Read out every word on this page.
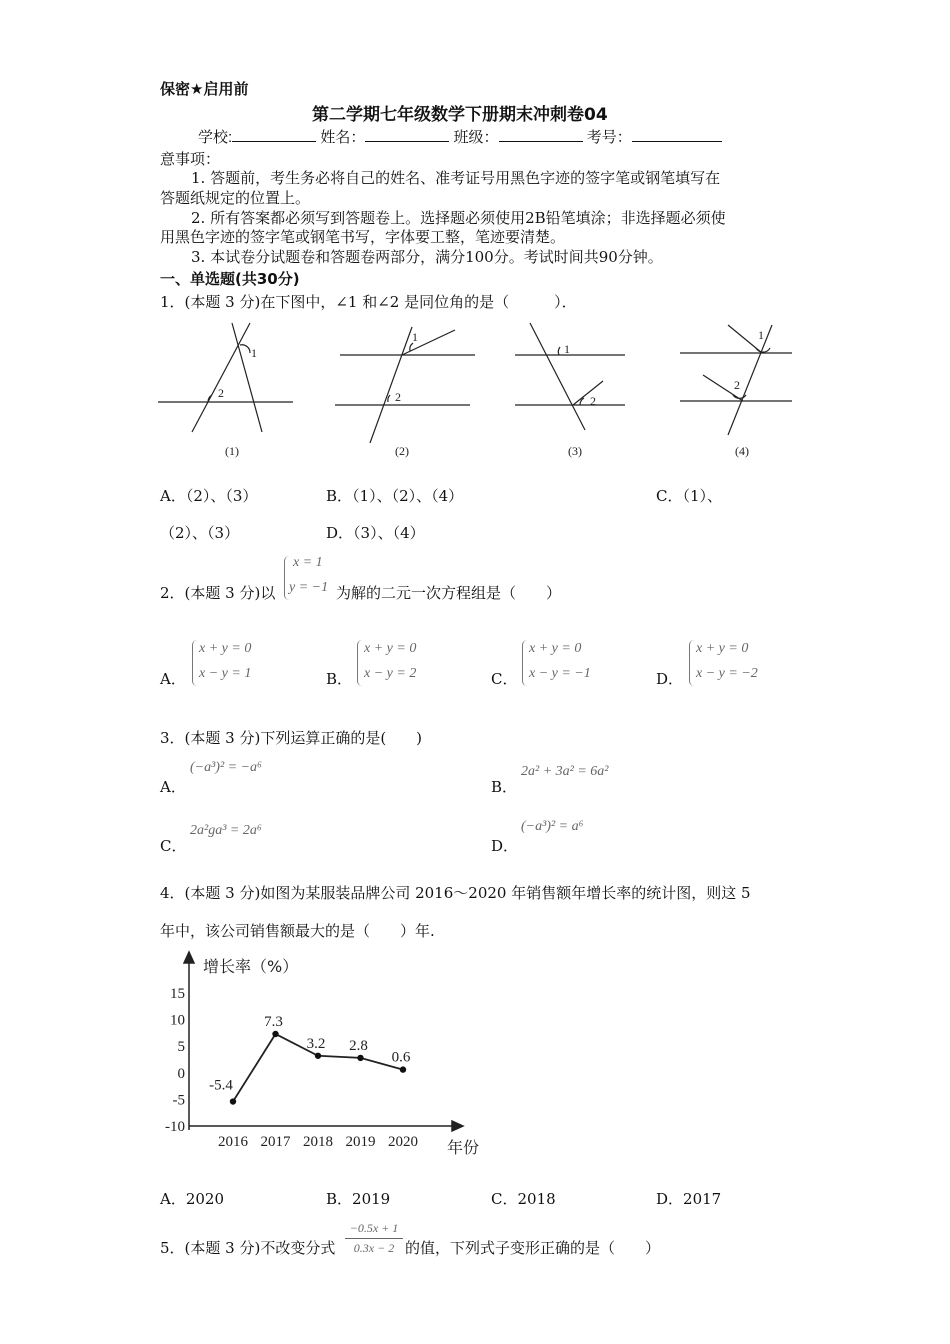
保密★启用前
第二学期七年级数学下册期末冲刺卷04
学校:	姓名：	班级：	考号：
意事项：
1. 答题前，考生务必将自己的姓名、准考证号用黑色字迹的签字笔或钢笔填写在
答题纸规定的位置上。
2. 所有答案都必须写到答题卷上。选择题必须使用2B铅笔填涂；非选择题必须使
用黑色字迹的签字笔或钢笔书写，字体要工整，笔迹要清楚。
3. 本试卷分试题卷和答题卷两部分，满分100分。考试时间共90分钟。
一、单选题(共30分)
1．(本题 3 分)在下图中，∠1 和∠2 是同位角的是（　　　）．
1
2
1
2
1
2
1
2
(1)	(2)	(3)	(4)
A．（2）、（3）	B．（1）、（2）、（4）	C．（1）、
（2）、（3）	D．（3）、（4）
x = 1
y = −1
2．(本题 3 分)以	为解的二元一次方程组是（　　）
A．
x + y = 0
x − y = 1	B．
x + y = 0
x − y = 2	C．
x + y = 0
x − y = −1	D．
x + y = 0
x − y = −2
3．(本题 3 分)下列运算正确的是(　　)
A．
(−a³)² = −a⁶
B．
2a² + 3a² = 6a²
C．
2a²ga³ = 2a⁶
D．
(−a³)² = a⁶
4．(本题 3 分)如图为某服装品牌公司 2016～2020 年销售额年增长率的统计图，则这 5
年中，该公司销售额最大的是（　　）年.
增长率（%）
年份
15
10
5
0
-5
-10
2016 2017 2018 2019 2020
-5.4
7.3
3.2 2.8
0.6
A．2020	B．2019	C．2018	D．2017
5．(本题 3 分)不改变分式
−0.5x + 1
0.3x − 2 的值，下列式子变形正确的是（　　）
